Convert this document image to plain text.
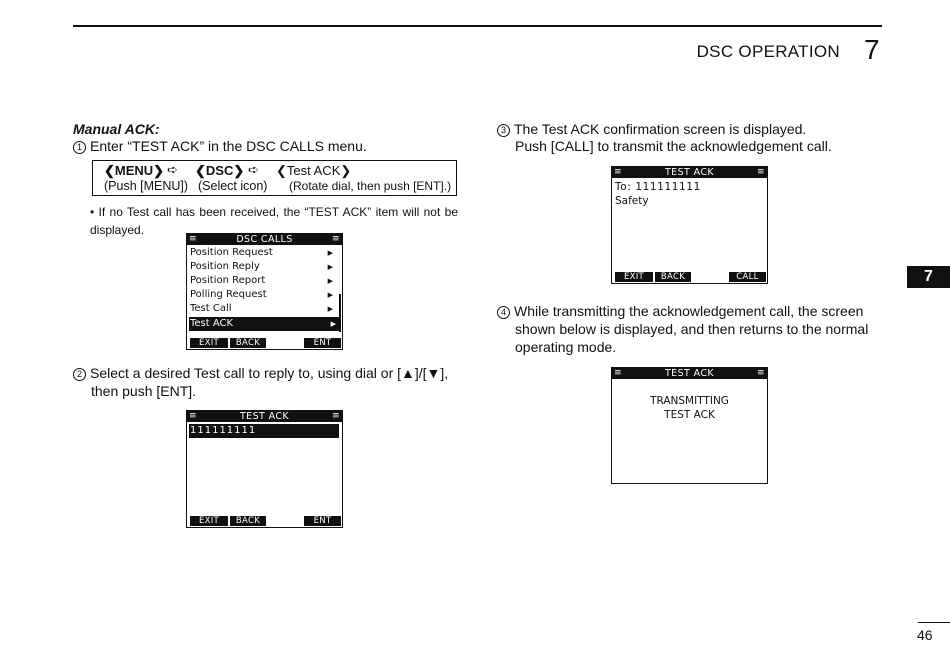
DSC OPERATION 7
7
Manual ACK:
1 Enter “TEST ACK” in the DSC CALLS menu.
❮MENU❯ ➪ ❮DSC❯ ➪ ❮Test ACK❯
(Push [MENU]) (Select icon) (Rotate dial, then push [ENT].)
• If no Test call has been received, the “TEST ACK” item will not be displayed.
≡	DSC CALLS	≡
Position Request	▶
Position Reply	▶
Position Report	▶
Polling Request	▶
Test Call	▶
Test ACK	▶
EXIT	BACK	ENT
2 Select a desired Test call to reply to, using dial or [▲]/[▼],
then push [ENT].
≡	TEST ACK	≡
111111111
EXIT	BACK	ENT
3 The Test ACK confirmation screen is displayed.
Push [CALL] to transmit the acknowledgement call.
≡	TEST ACK	≡
To: 111111111
Safety
EXIT	BACK	CALL
4 While transmitting the acknowledgement call, the screen
shown below is displayed, and then returns to the normal
operating mode.
≡	TEST ACK	≡
TRANSMITTING
TEST ACK
46
